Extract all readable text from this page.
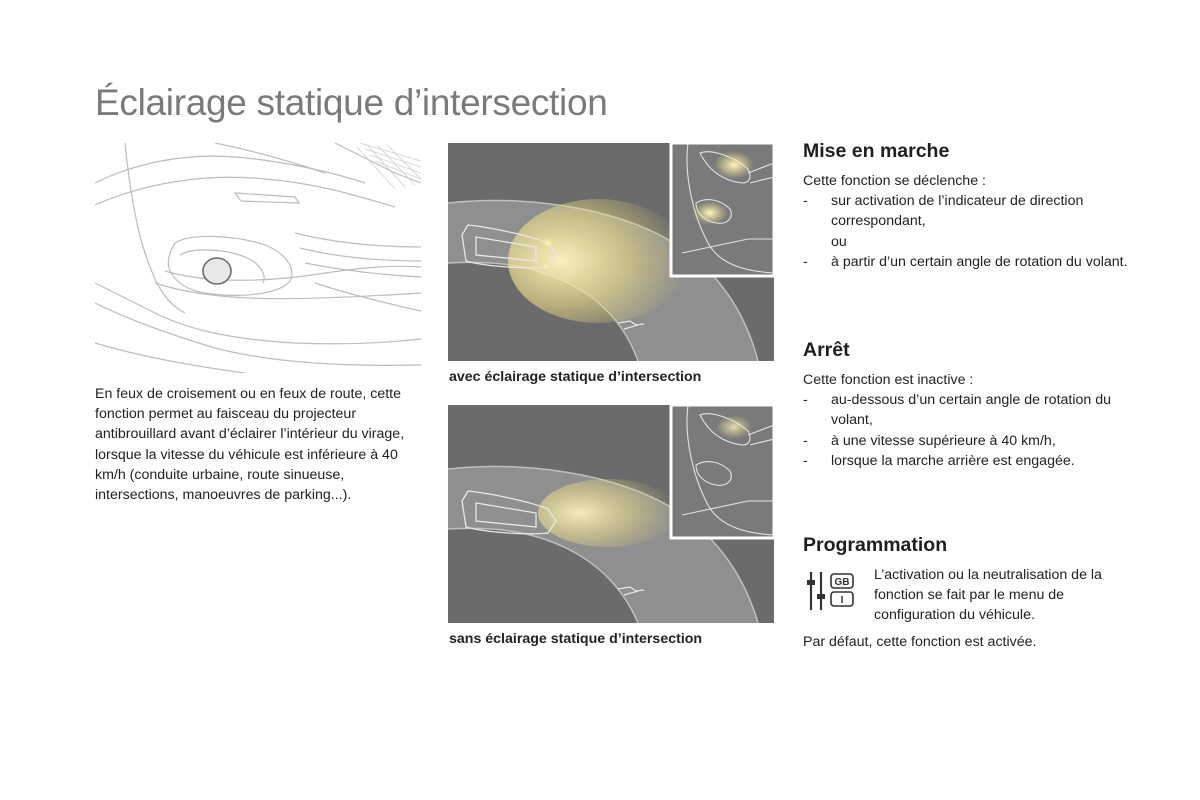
Éclairage statique d’intersection

En feux de croisement ou en feux de route, cette fonction permet au faisceau du projecteur antibrouillard avant d’éclairer l’intérieur du virage, lorsque la vitesse du véhicule est inférieure à 40 km/h (conduite urbaine, route sinueuse, intersections, manoeuvres de parking...).

avec éclairage statique d’intersection

sans éclairage statique d’intersection

Mise en marche

Cette fonction se déclenche :

- sur activation de l’indicateur de direction correspondant,
ou
- à partir d’un certain angle de rotation du volant.
Arrêt

Cette fonction est inactive :

- au-dessous d’un certain angle de rotation du volant,
- à une vitesse supérieure à 40 km/h,
- lorsque la marche arrière est engagée.
Programmation
GB
I

L’activation ou la neutralisation de la fonction se fait par le menu de configuration du véhicule.

Par défaut, cette fonction est activée.
